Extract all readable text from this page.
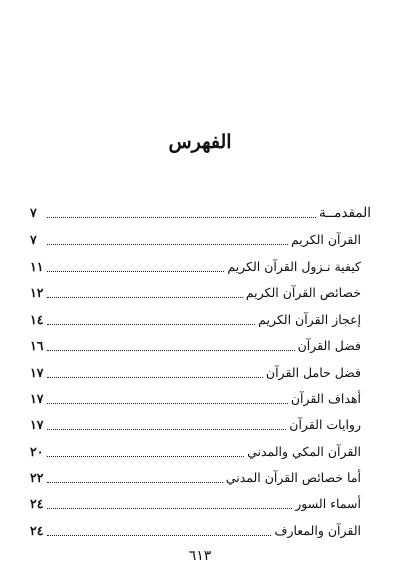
الفهرس
المقدمــة
٧
القرآن الكريم
٧
كيفية نـزول القرآن الكريم
١١
خصائص القرآن الكريم
١٢
إعجاز القرآن الكريم
١٤
فضل القرآن
١٦
فضل حامل القرآن
١٧
أهداف القرآن
١٧
روايات القرآن
١٧
القرآن المكي والمدني
٢٠
أما خصائص القرآن المدني
٢٢
أسماء السور
٢٤
القرآن والمعارف
٢٤
٦١٣
